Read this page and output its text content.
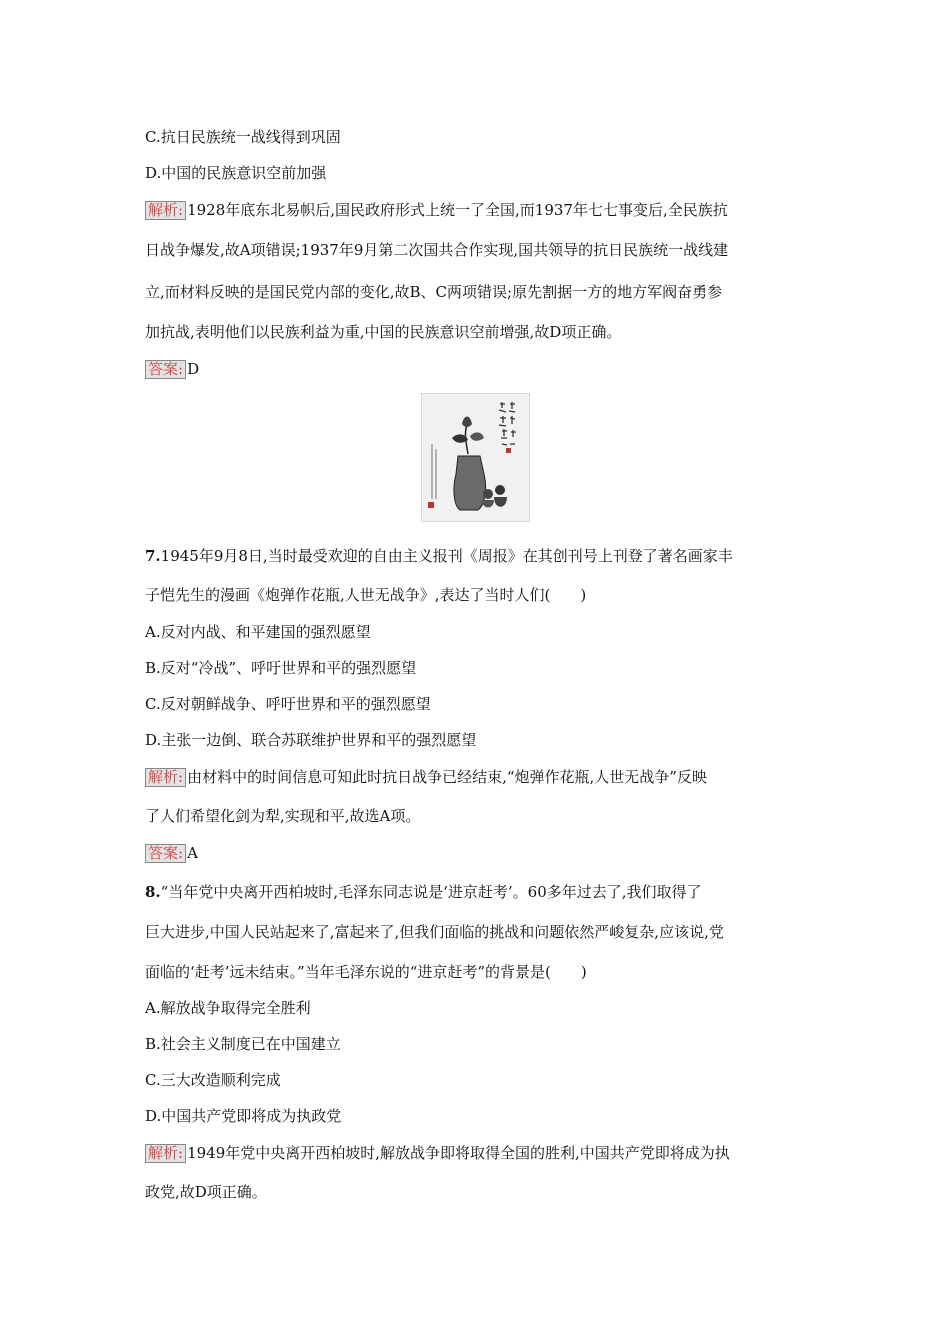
C.抗日民族统一战线得到巩固
D.中国的民族意识空前加强
解析: 1928年底东北易帜后,国民政府形式上统一了全国,而1937年七七事变后,全民族抗
日战争爆发,故A项错误;1937年9月第二次国共合作实现,国共领导的抗日民族统一战线建
立,而材料反映的是国民党内部的变化,故B、C两项错误;原先割据一方的地方军阀奋勇参
加抗战,表明他们以民族利益为重,中国的民族意识空前增强,故D项正确。
答案: D
7.1945年9月8日,当时最受欢迎的自由主义报刊《周报》在其创刊号上刊登了著名画家丰
子恺先生的漫画《炮弹作花瓶,人世无战争》,表达了当时人们(　　)
A.反对内战、和平建国的强烈愿望
B.反对“冷战”、呼吁世界和平的强烈愿望
C.反对朝鲜战争、呼吁世界和平的强烈愿望
D.主张一边倒、联合苏联维护世界和平的强烈愿望
解析: 由材料中的时间信息可知此时抗日战争已经结束,“炮弹作花瓶,人世无战争”反映
了人们希望化剑为犁,实现和平,故选A项。
答案: A
8.“当年党中央离开西柏坡时,毛泽东同志说是‘进京赶考’。60多年过去了,我们取得了
巨大进步,中国人民站起来了,富起来了,但我们面临的挑战和问题依然严峻复杂,应该说,党
面临的‘赶考’远未结束。”当年毛泽东说的“进京赶考”的背景是(　　)
A.解放战争取得完全胜利
B.社会主义制度已在中国建立
C.三大改造顺利完成
D.中国共产党即将成为执政党
解析: 1949年党中央离开西柏坡时,解放战争即将取得全国的胜利,中国共产党即将成为执
政党,故D项正确。
